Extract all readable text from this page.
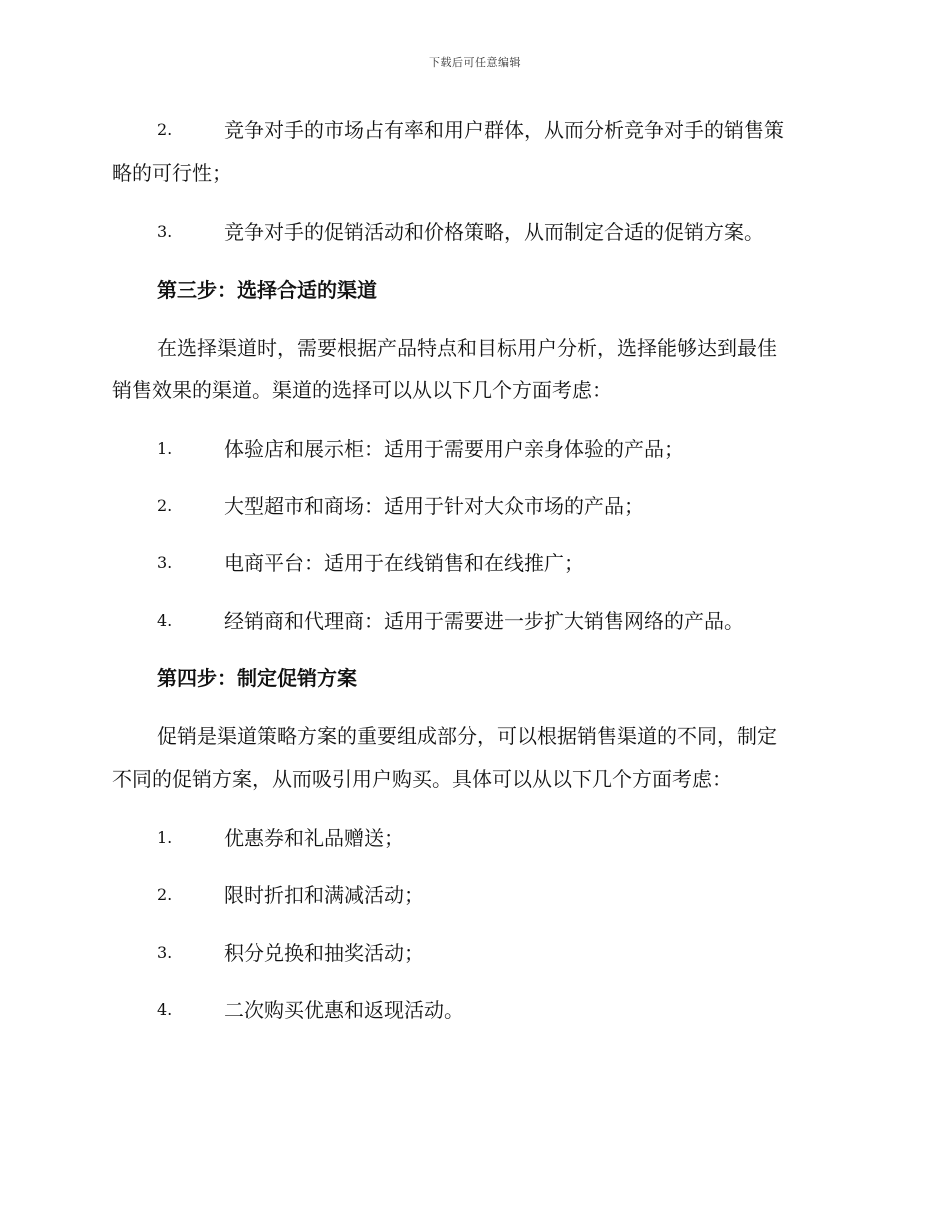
下载后可任意编辑
2.	竞争对手的市场占有率和用户群体，从而分析竞争对手的销售策
略的可行性；
3.	竞争对手的促销活动和价格策略，从而制定合适的促销方案。
第三步：选择合适的渠道
在选择渠道时，需要根据产品特点和目标用户分析，选择能够达到最佳
销售效果的渠道。渠道的选择可以从以下几个方面考虑：
1.	体验店和展示柜：适用于需要用户亲身体验的产品；
2.	大型超市和商场：适用于针对大众市场的产品；
3.	电商平台：适用于在线销售和在线推广；
4.	经销商和代理商：适用于需要进一步扩大销售网络的产品。
第四步：制定促销方案
促销是渠道策略方案的重要组成部分，可以根据销售渠道的不同，制定
不同的促销方案，从而吸引用户购买。具体可以从以下几个方面考虑：
1.	优惠券和礼品赠送；
2.	限时折扣和满减活动；
3.	积分兑换和抽奖活动；
4.	二次购买优惠和返现活动。
